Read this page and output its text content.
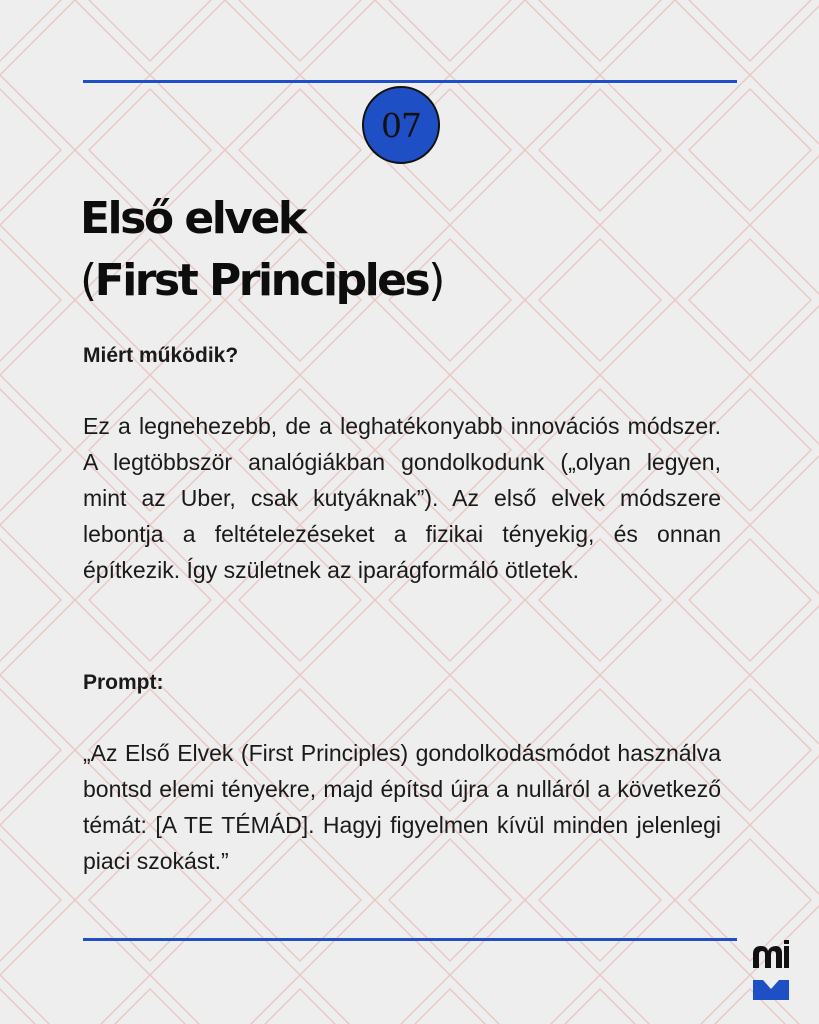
07
Első elvek
(First Principles)

Miért működik?

Ez a legnehezebb, de a leghatékonyabb innovációs módszer. A legtöbbször analógiákban gondolkodunk („olyan legyen, mint az Uber, csak kutyáknak”). Az első elvek módszere lebontja a feltételezéseket a fizikai tényekig, és onnan építkezik. Így születnek az iparágformáló ötletek.

Prompt:

„Az Első Elvek (First Principles) gondolkodásmódot használva bontsd elemi tényekre, majd építsd újra a nulláról a következő témát: [A TE TÉMÁD]. Hagyj figyelmen kívül minden jelenlegi piaci szokást.”
